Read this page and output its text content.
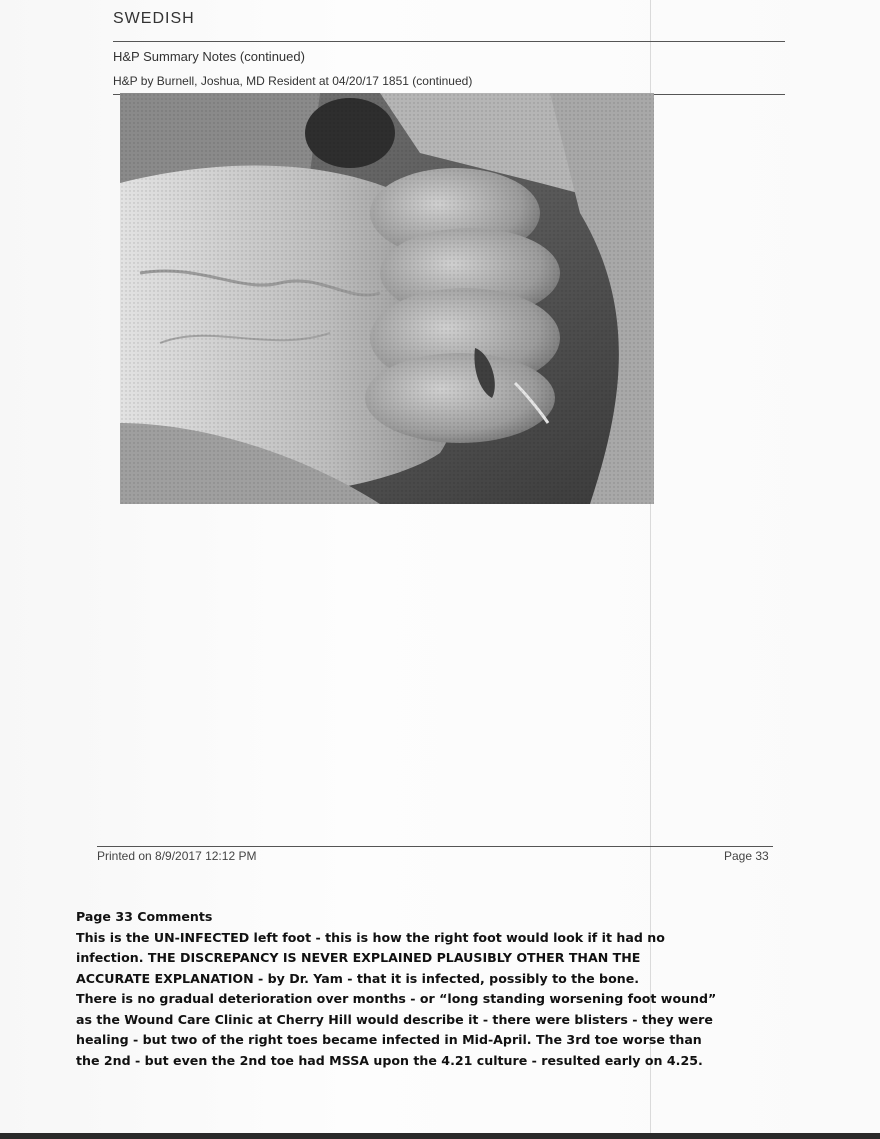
SWEDISH
H&P Summary Notes (continued)
H&P by Burnell, Joshua, MD Resident at 04/20/17 1851 (continued)
Printed on 8/9/2017 12:12 PM	Page 33
Page 33 Comments
This is the UN-INFECTED left foot - this is how the right foot would look if it had no
infection. THE DISCREPANCY IS NEVER EXPLAINED PLAUSIBLY OTHER THAN THE
ACCURATE EXPLANATION - by Dr. Yam - that it is infected, possibly to the bone.
There is no gradual deterioration over months - or “long standing worsening foot wound”
as the Wound Care Clinic at Cherry Hill would describe it - there were blisters - they were
healing - but two of the right toes became infected in Mid-April. The 3rd toe worse than
the 2nd - but even the 2nd toe had MSSA upon the 4.21 culture - resulted early on 4.25.
